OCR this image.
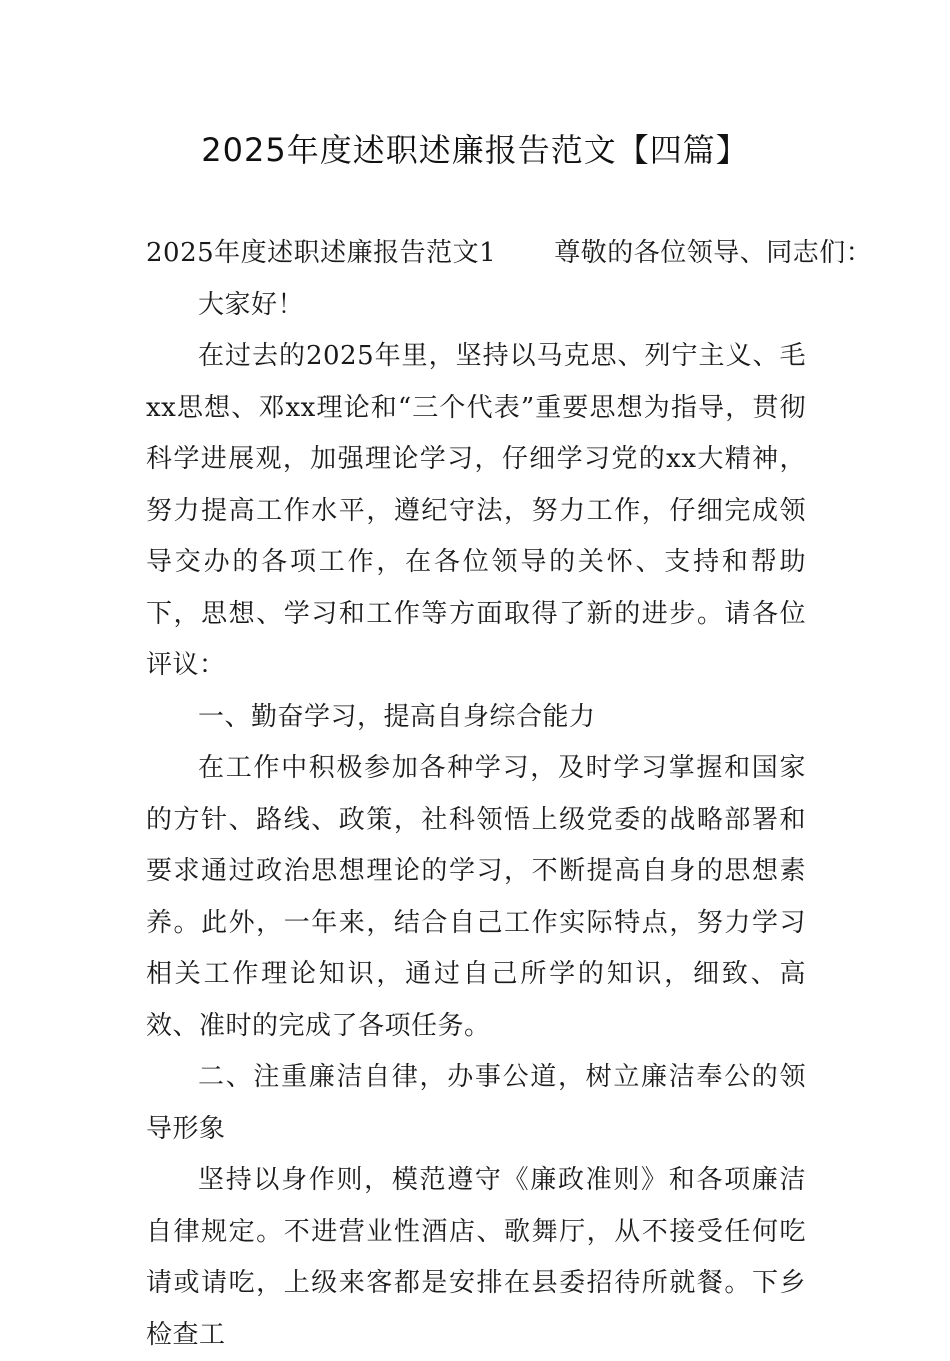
2025年度述职述廉报告范文【四篇】

2025年度述职述廉报告范文1 尊敬的各位领导、同志们：

大家好！

在过去的2025年里，坚持以马克思、列宁主义、毛xx思想、邓xx理论和“三个代表”重要思想为指导，贯彻科学进展观，加强理论学习，仔细学习党的xx大精神，努力提高工作水平，遵纪守法，努力工作，仔细完成领导交办的各项工作，在各位领导的关怀、支持和帮助下，思想、学习和工作等方面取得了新的进步。请各位评议：

一、勤奋学习，提高自身综合能力

在工作中积极参加各种学习，及时学习掌握和国家的方针、路线、政策，社科领悟上级党委的战略部署和要求通过政治思想理论的学习，不断提高自身的思想素养。此外，一年来，结合自己工作实际特点，努力学习相关工作理论知识，通过自己所学的知识，细致、高效、准时的完成了各项任务。

二、注重廉洁自律，办事公道，树立廉洁奉公的领导形象

坚持以身作则，模范遵守《廉政准则》和各项廉洁自律规定。不进营业性酒店、歌舞厅，从不接受任何吃请或请吃，上级来客都是安排在县委招待所就餐。下乡检查工
